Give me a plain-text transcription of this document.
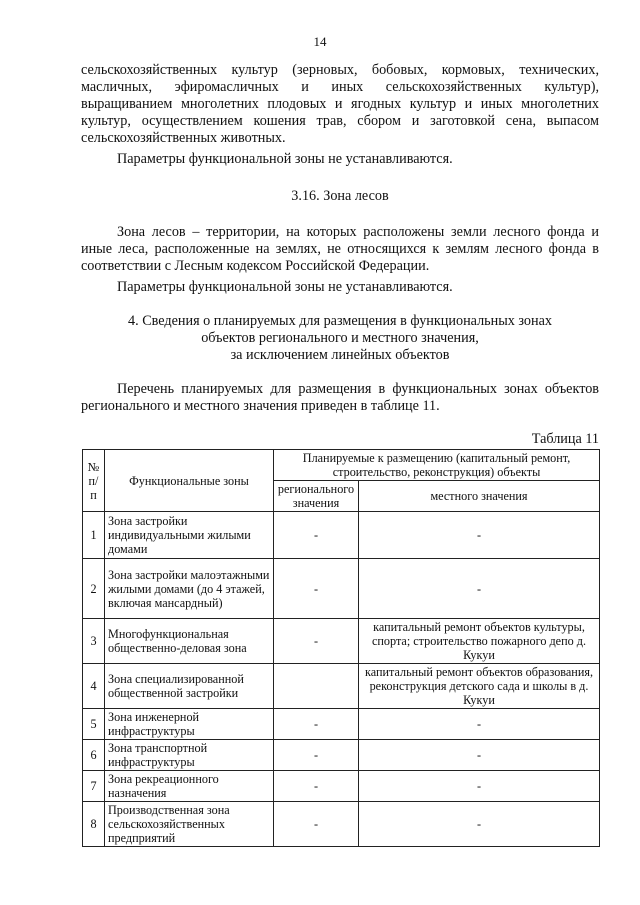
14

сельскохозяйственных культур (зерновых, бобовых, кормовых, технических, масличных, эфиромасличных и иных сельскохозяйственных культур), выращиванием многолетних плодовых и ягодных культур и иных многолетних культур, осуществлением кошения трав, сбором и заготовкой сена, выпасом сельскохозяйственных животных.

Параметры функциональной зоны не устанавливаются.

3.16. Зона лесов

Зона лесов – территории, на которых расположены земли лесного фонда и иные леса, расположенные на землях, не относящихся к землям лесного фонда в соответствии с Лесным кодексом Российской Федерации.

Параметры функциональной зоны не устанавливаются.

4. Сведения о планируемых для размещения в функциональных зонах
объектов регионального и местного значения,
за исключением линейных объектов

Перечень планируемых для размещения в функциональных зонах объектов регионального и местного значения приведен в таблице 11.

Таблица 11
№ п/п	Функциональные зоны	Планируемые к размещению (капитальный ремонт, строительство, реконструкция) объекты	
		регионального значения	местного значения
1	Зона застройки индивидуальными жилыми домами	-	-
2	Зона застройки малоэтажными жилыми домами (до 4 этажей, включая мансардный)	-	-
3	Многофункциональная общественно-деловая зона	-	капитальный ремонт объектов культуры, спорта; строительство пожарного депо д. Кукуи
4	Зона специализированной общественной застройки		капитальный ремонт объектов образования, реконструкция детского сада и школы в д. Кукуи
5	Зона инженерной инфраструктуры	-	-
6	Зона транспортной инфраструктуры	-	-
7	Зона рекреационного назначения	-	-
8	Производственная зона сельскохозяйственных предприятий	-	-
